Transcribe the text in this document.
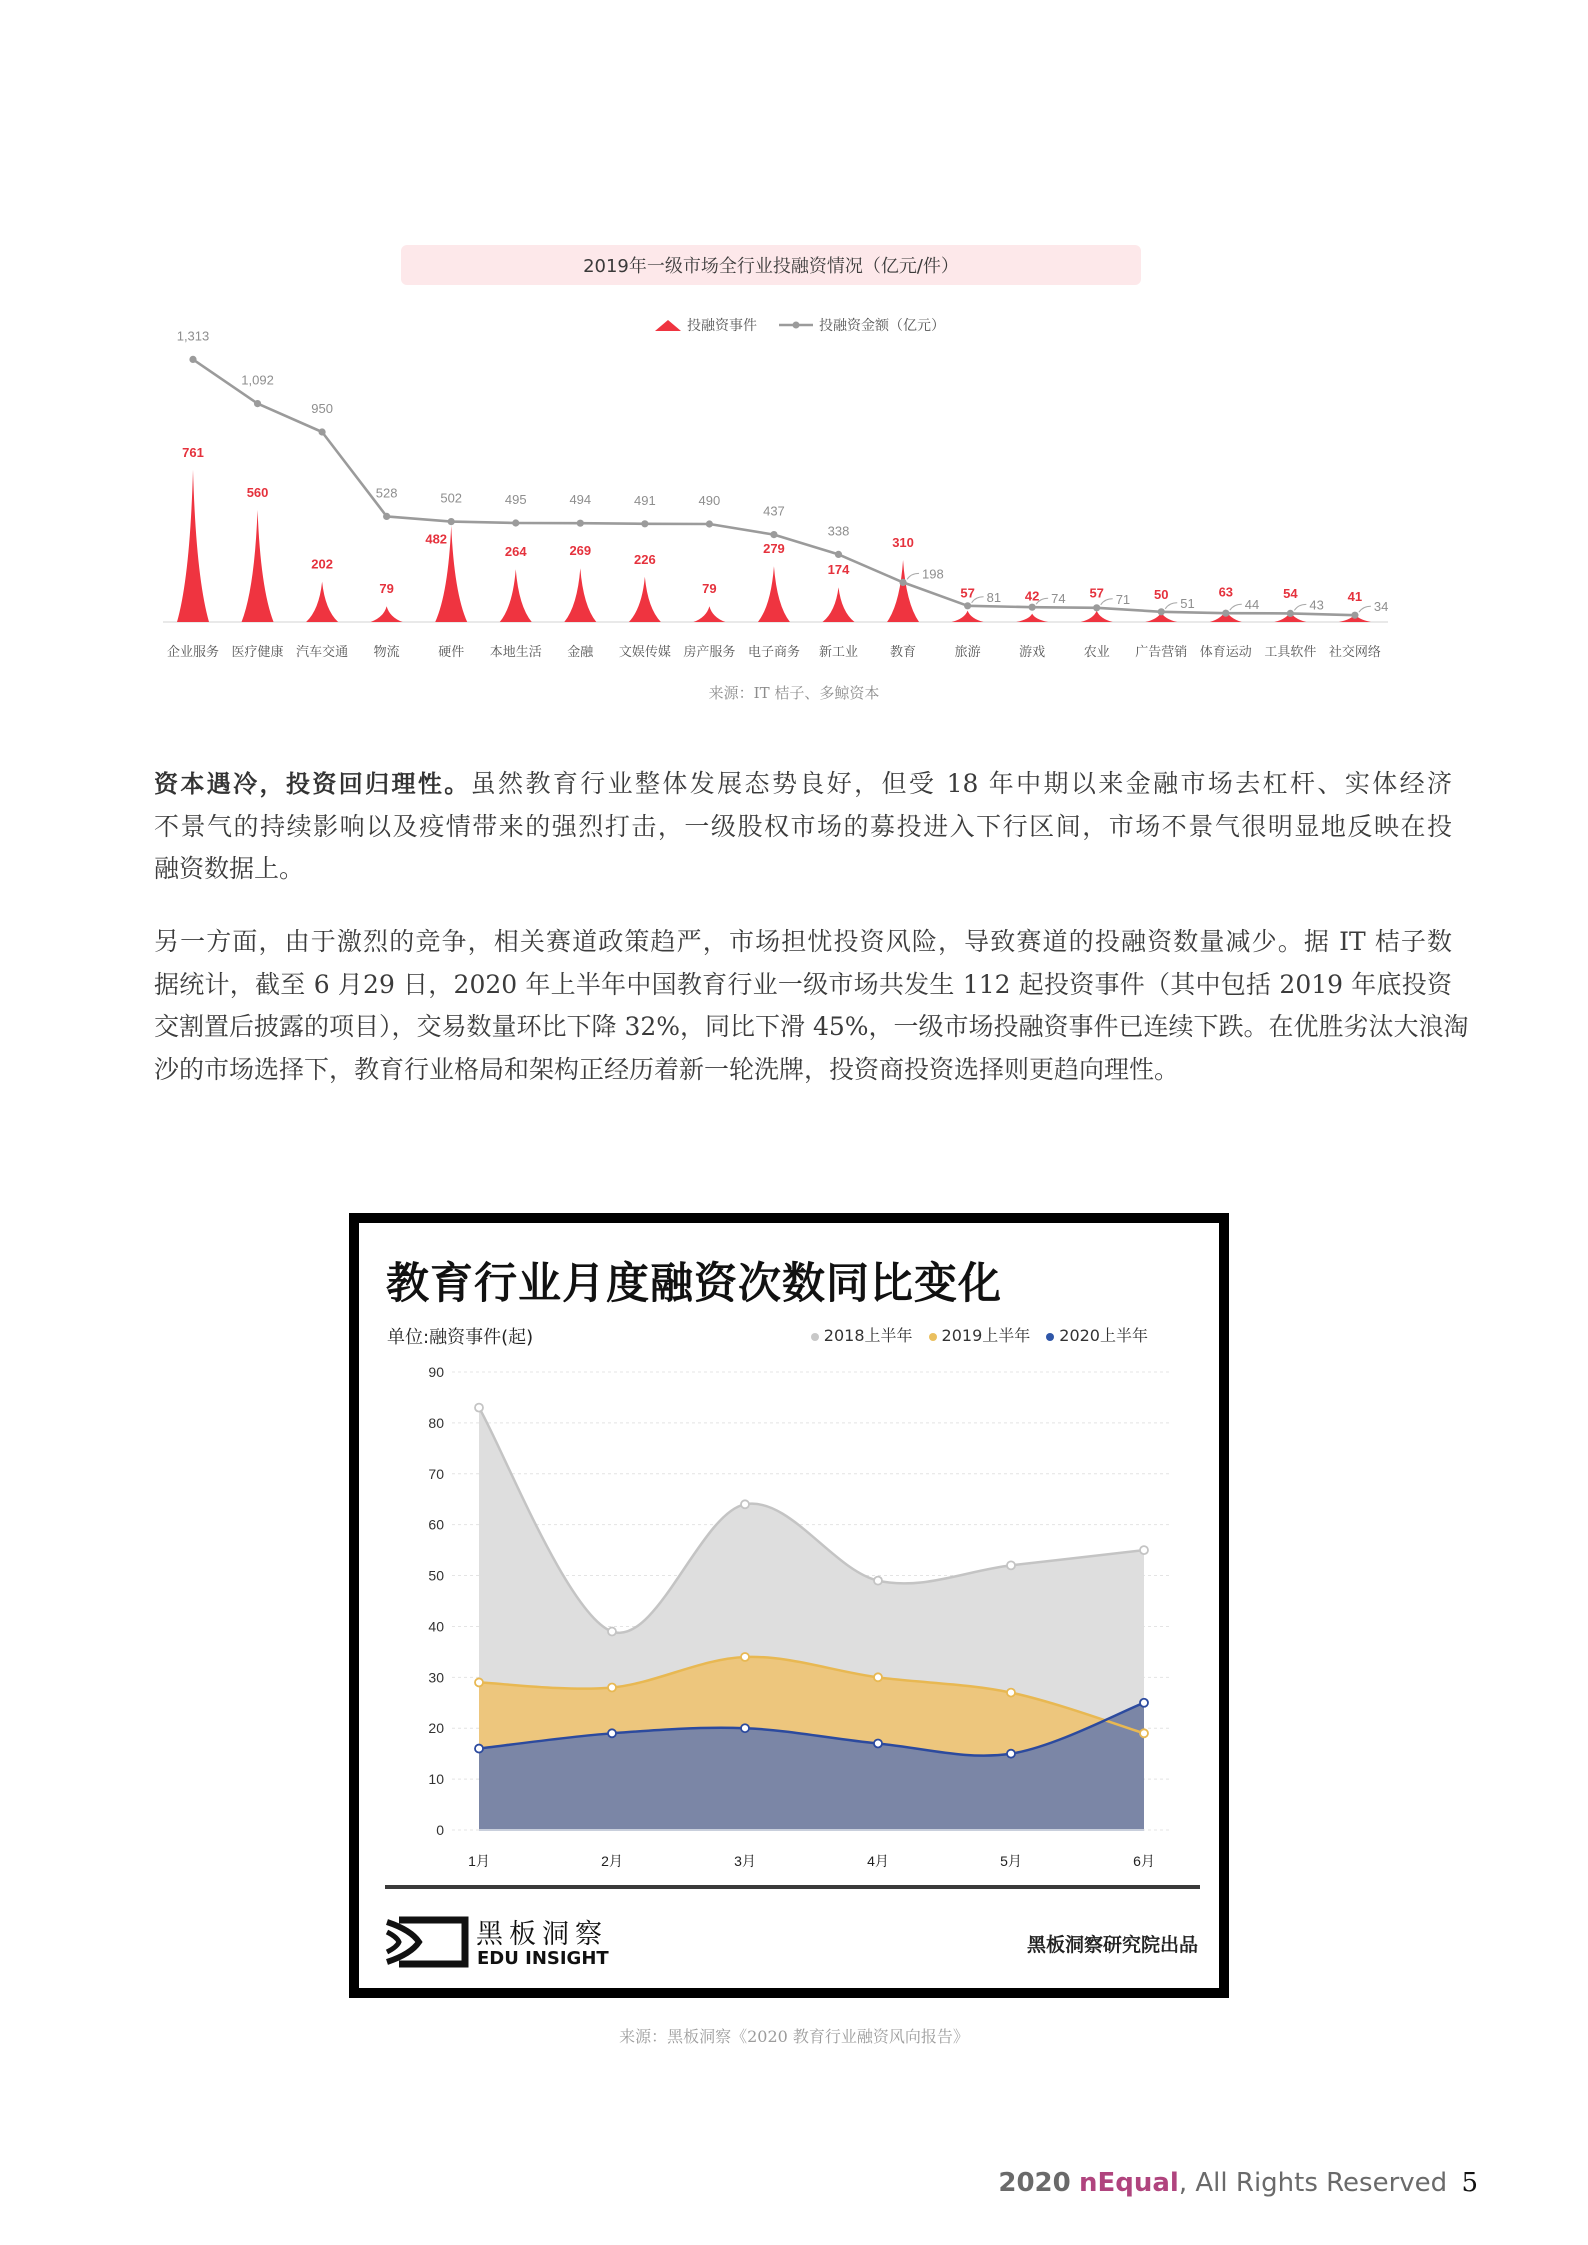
2019年一级市场全行业投融资情况（亿元/件）
投融资事件	投融资金额（亿元）
1,313
1,092
950
528	502	495	494	491	490
437
338
198
81	74	71	51	44	43	34
761
560
202
79
482
264	269
226
79
279
174
310
57	42	57	50	63	54	41
企业服务 医疗健康 汽车交通 物流	硬件 本地生活 金融 文娱传媒 房产服务 电子商务 新工业 教育	旅游	游戏	农业 广告营销 体育运动 工具软件 社交网络
来源：IT 桔子、多鲸资本
资本遇冷，投资回归理性。虽然教育行业整体发展态势良好，但受 18 年中期以来金融市场去杠杆、实体经济
不景气的持续影响以及疫情带来的强烈打击，一级股权市场的募投进入下行区间，市场不景气很明显地反映在投
融资数据上。
另一方面，由于激烈的竞争，相关赛道政策趋严，市场担忧投资风险，导致赛道的投融资数量减少。据 IT 桔子数
据统计，截至 6 月29 日，2020 年上半年中国教育行业一级市场共发生 112 起投资事件（其中包括 2019 年底投资
交割置后披露的项目），交易数量环比下降 32%，同比下滑 45%，一级市场投融资事件已连续下跌。在优胜劣汰大浪淘
沙的市场选择下，教育行业格局和架构正经历着新一轮洗牌，投资商投资选择则更趋向理性。
教育行业月度融资次数同比变化
单位:融资事件(起)	2018上半年	2019上半年	2020上半年
0
10
20
30
40
50
60
70
80
90
1月	2月	3月	4月	5月	6月
黑板洞察
EDU INSIGHT
黑板洞察研究院出品
来源：黑板洞察《2020 教育行业融资风向报告》
2020 nEqual, All Rights Reserved 5
